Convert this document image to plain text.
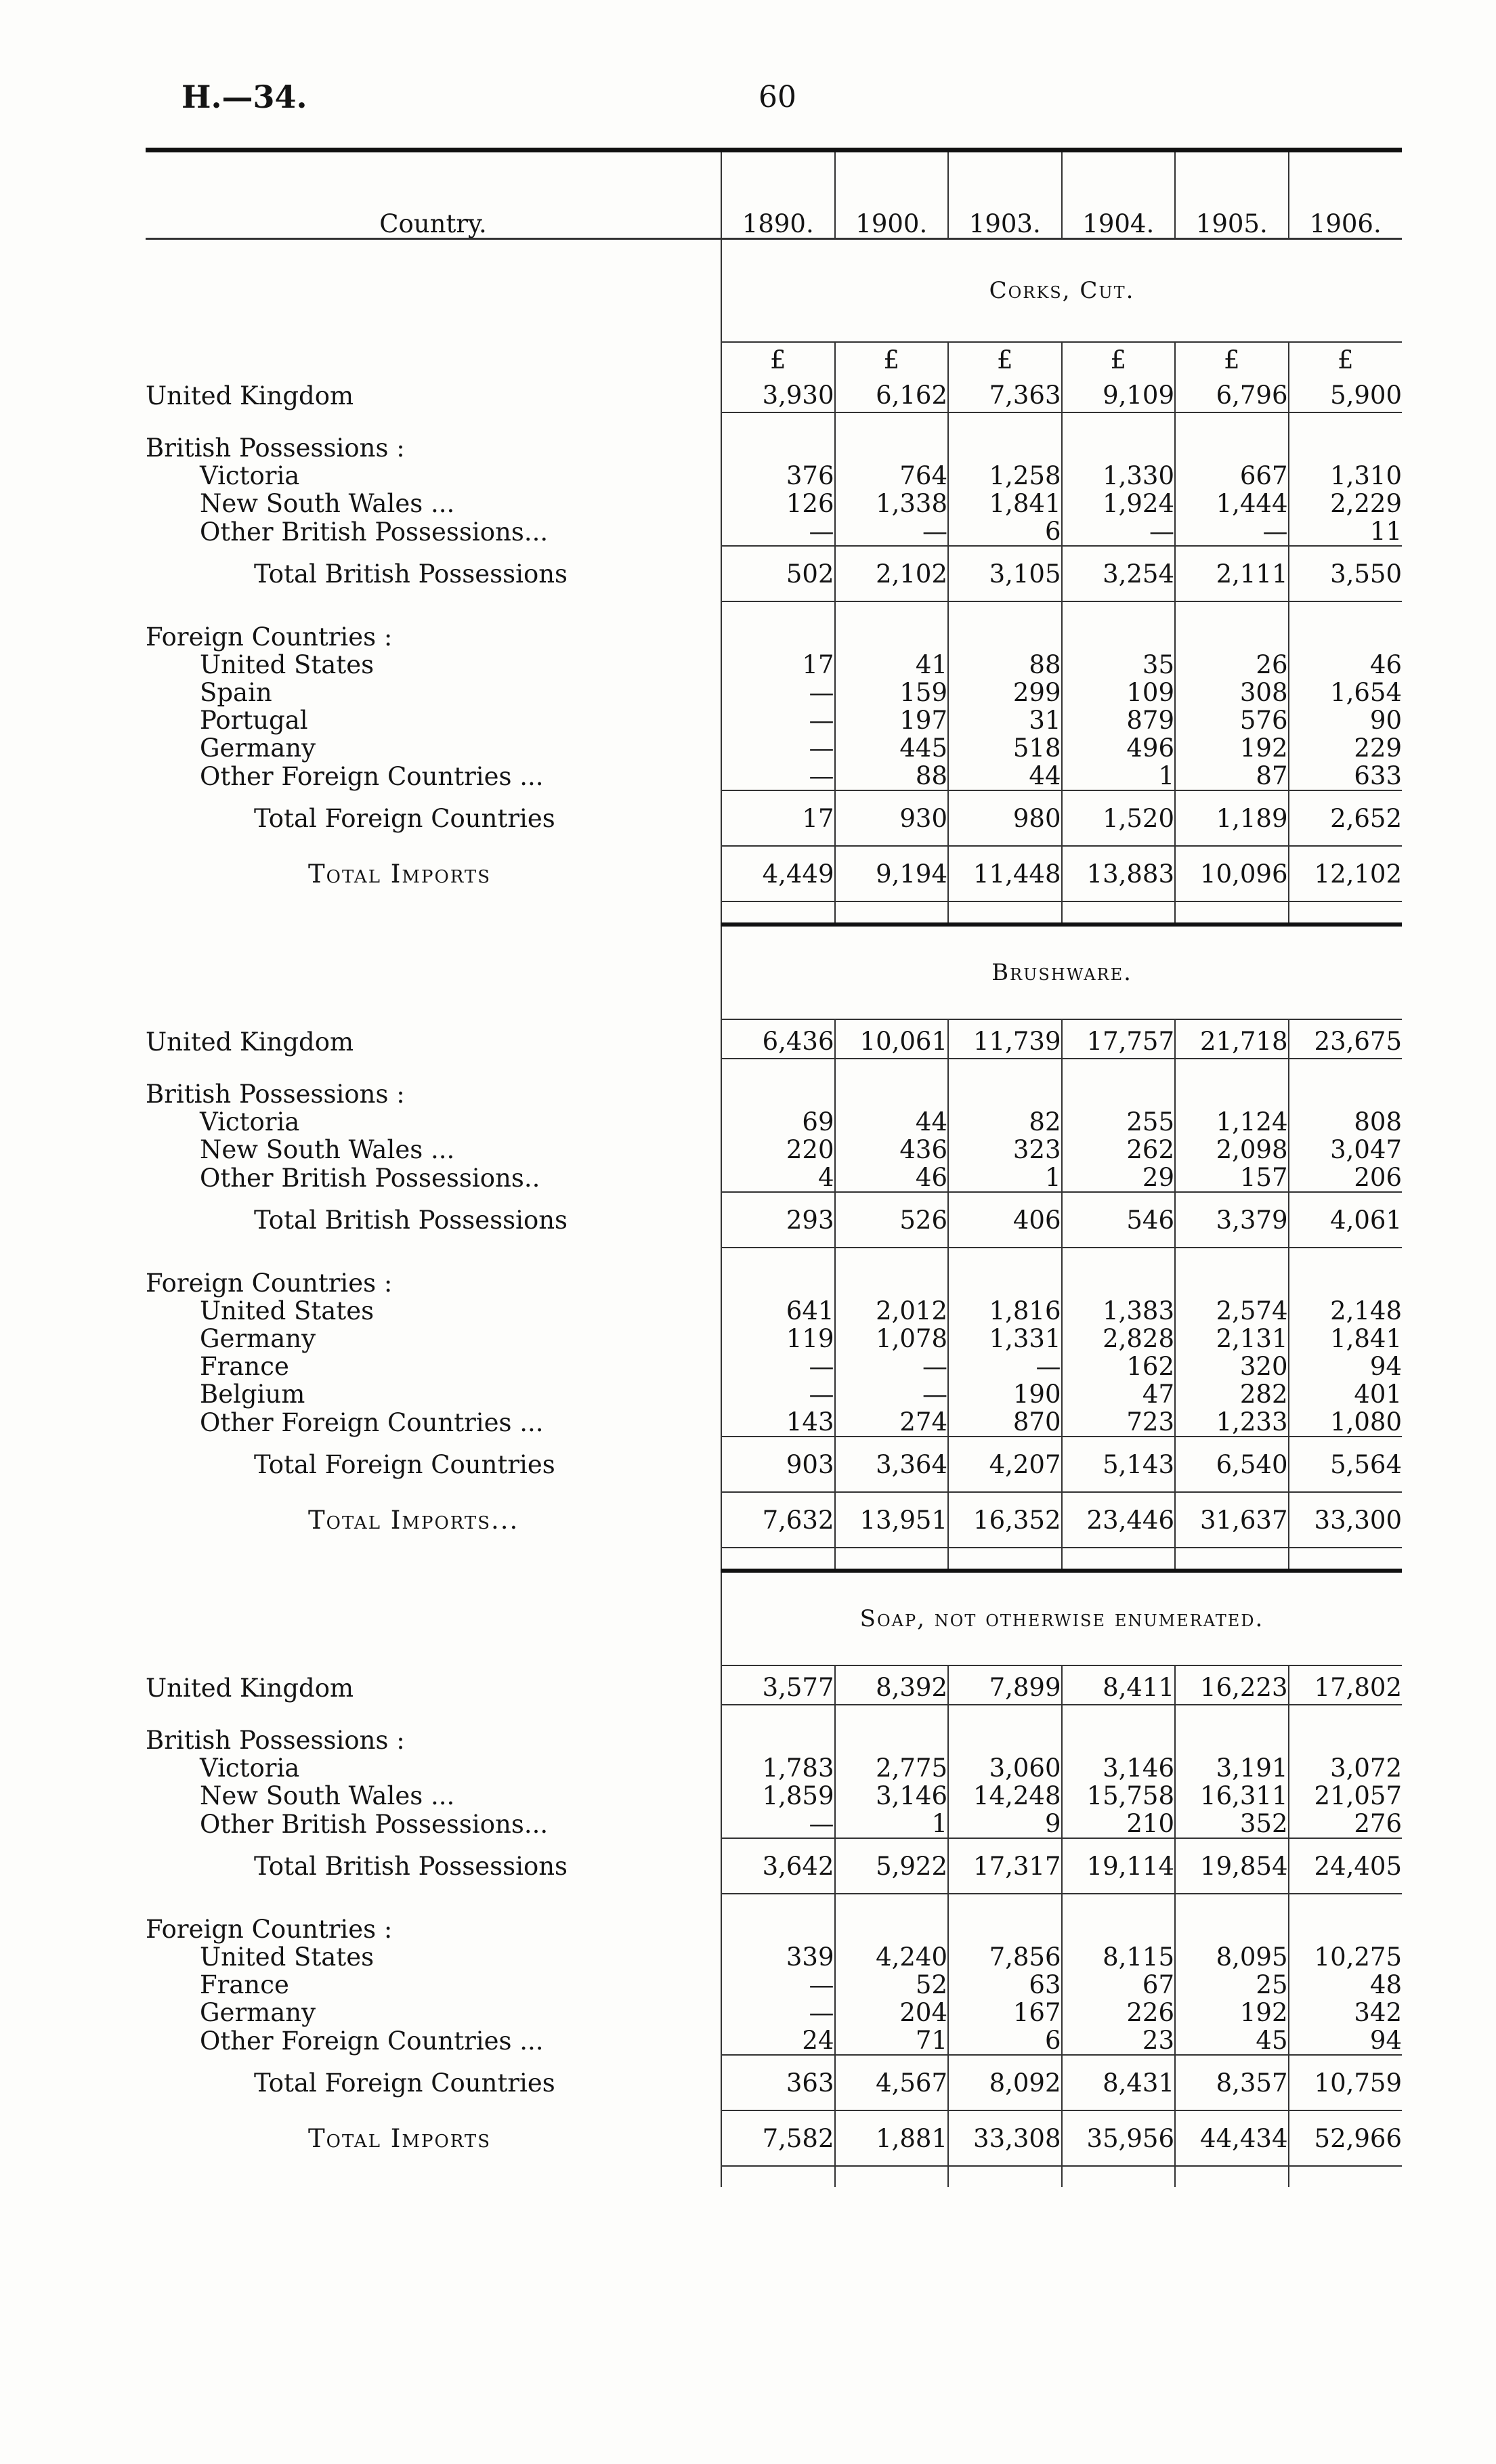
H.—34.	60
Country.	1890.	1900.	1903.	1904.	1905.	1906.
	Corks, Cut.					
	£	£	£	£	£	£
United Kingdom	3,930	6,162	7,363	9,109	6,796	5,900

British Possessions :						
Victoria	376	764	1,258	1,330	667	1,310
New South Wales ...	126	1,338	1,841	1,924	1,444	2,229
Other British Possessions...	—	—	6	—	—	11
Total British Possessions	502	2,102	3,105	3,254	2,111	3,550

Foreign Countries :						
United States	17	41	88	35	26	46
Spain	—	159	299	109	308	1,654
Portugal	—	197	31	879	576	90
Germany	—	445	518	496	192	229
Other Foreign Countries ...	—	88	44	1	87	633
Total Foreign Countries	17	930	980	1,520	1,189	2,652
Total Imports	4,449	9,194	11,448	13,883	10,096	12,102

	Brushware.					
United Kingdom	6,436	10,061	11,739	17,757	21,718	23,675

British Possessions :						
Victoria	69	44	82	255	1,124	808
New South Wales ...	220	436	323	262	2,098	3,047
Other British Possessions..	4	46	1	29	157	206
Total British Possessions	293	526	406	546	3,379	4,061

Foreign Countries :						
United States	641	2,012	1,816	1,383	2,574	2,148
Germany	119	1,078	1,331	2,828	2,131	1,841
France	—	—	—	162	320	94
Belgium	—	—	190	47	282	401
Other Foreign Countries ...	143	274	870	723	1,233	1,080
Total Foreign Countries	903	3,364	4,207	5,143	6,540	5,564
Total Imports...	7,632	13,951	16,352	23,446	31,637	33,300

	Soap, not otherwise enumerated.					
United Kingdom	3,577	8,392	7,899	8,411	16,223	17,802

British Possessions :						
Victoria	1,783	2,775	3,060	3,146	3,191	3,072
New South Wales ...	1,859	3,146	14,248	15,758	16,311	21,057
Other British Possessions...	—	1	9	210	352	276
Total British Possessions	3,642	5,922	17,317	19,114	19,854	24,405

Foreign Countries :						
United States	339	4,240	7,856	8,115	8,095	10,275
France	—	52	63	67	25	48
Germany	—	204	167	226	192	342
Other Foreign Countries ...	24	71	6	23	45	94
Total Foreign Countries	363	4,567	8,092	8,431	8,357	10,759
Total Imports	7,582	1,881	33,308	35,956	44,434	52,966
